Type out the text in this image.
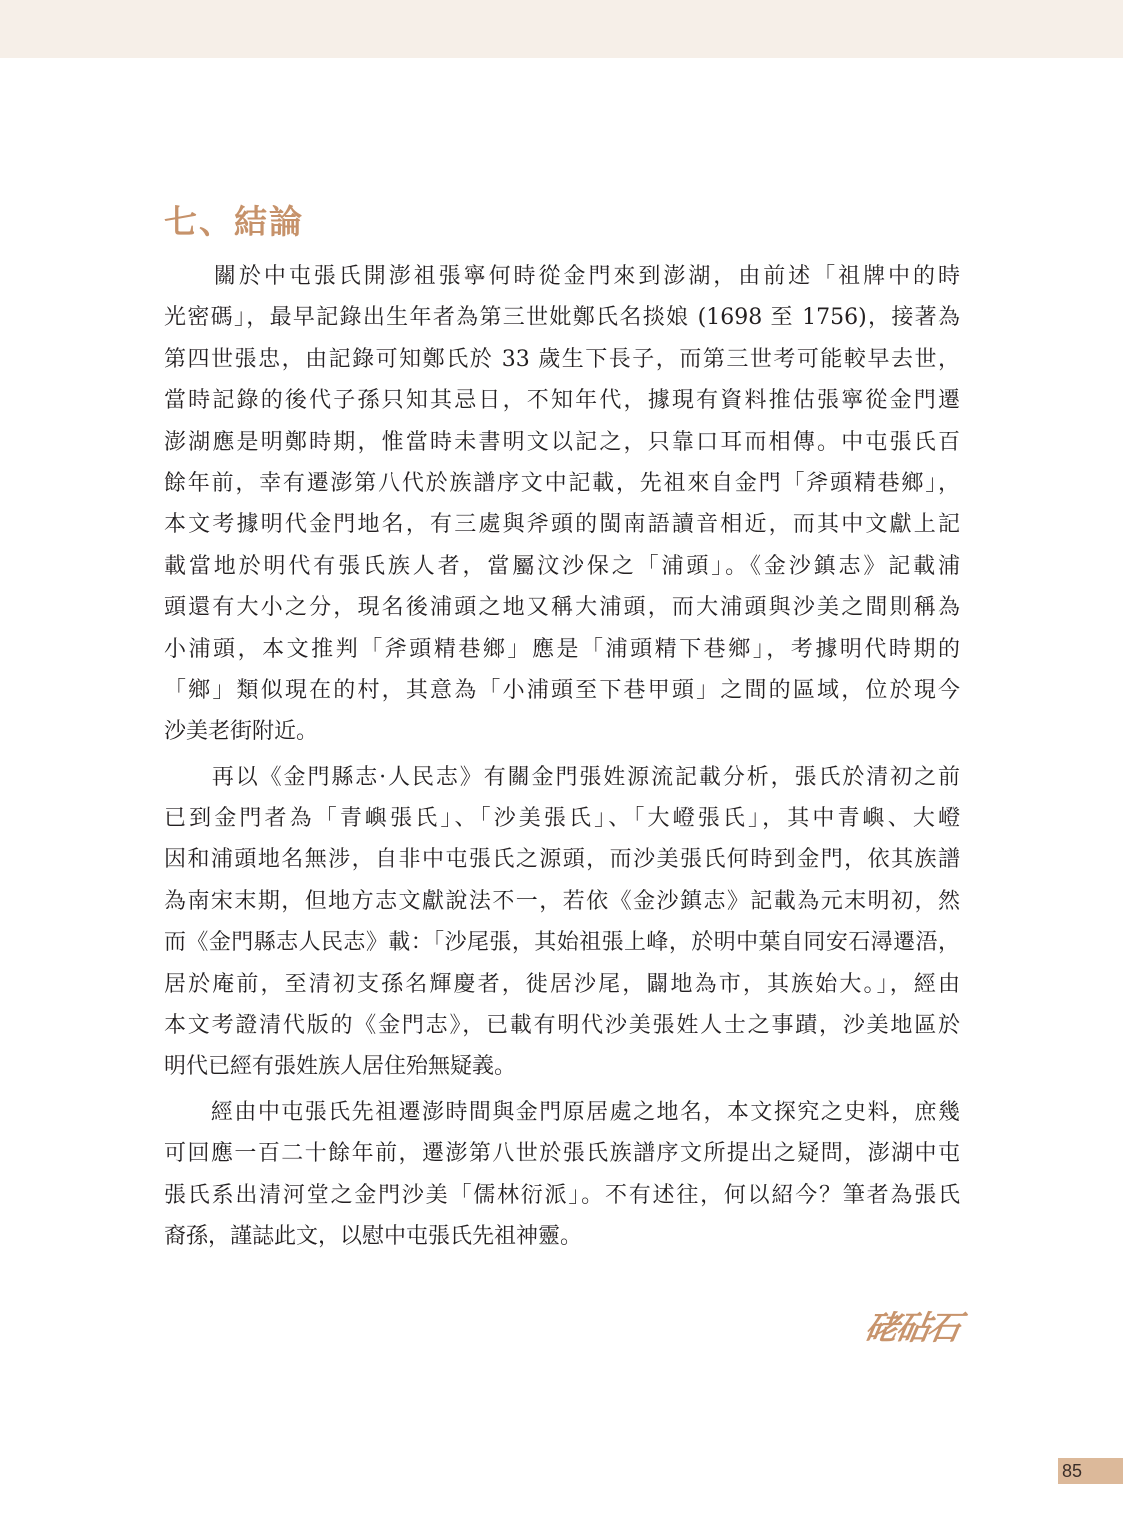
七、結論
　　關於中屯張氏開澎祖張寧何時從金門來到澎湖，由前述「祖牌中的時
光密碼」，最早記錄出生年者為第三世妣鄭氏名掞娘 (1698 至 1756)，接著為
第四世張忠，由記錄可知鄭氏於 33 歲生下長子，而第三世考可能較早去世，
當時記錄的後代子孫只知其忌日，不知年代，據現有資料推估張寧從金門遷
澎湖應是明鄭時期，惟當時未書明文以記之，只靠口耳而相傳。中屯張氏百
餘年前，幸有遷澎第八代於族譜序文中記載，先祖來自金門「斧頭精巷鄉」，
本文考據明代金門地名，有三處與斧頭的閩南語讀音相近，而其中文獻上記
載當地於明代有張氏族人者，當屬汶沙保之「浦頭」。《金沙鎮志》記載浦
頭還有大小之分，現名後浦頭之地又稱大浦頭，而大浦頭與沙美之間則稱為
小浦頭，本文推判「斧頭精巷鄉」應是「浦頭精下巷鄉」，考據明代時期的
「鄉」類似現在的村，其意為「小浦頭至下巷甲頭」之間的區域，位於現今
沙美老街附近。
　　再以《金門縣志·人民志》有關金門張姓源流記載分析，張氏於清初之前
已到金門者為「青嶼張氏」、「沙美張氏」、「大嶝張氏」，其中青嶼、大嶝
因和浦頭地名無涉，自非中屯張氏之源頭，而沙美張氏何時到金門，依其族譜
為南宋末期，但地方志文獻說法不一，若依《金沙鎮志》記載為元末明初，然
而《金門縣志人民志》載：「沙尾張，其始祖張上峰，於明中葉自同安石潯遷浯，
居於庵前，至清初支孫名輝慶者，徙居沙尾，闢地為市，其族始大。」，經由
本文考證清代版的《金門志》，已載有明代沙美張姓人士之事蹟，沙美地區於
明代已經有張姓族人居住殆無疑義。
　　經由中屯張氏先祖遷澎時間與金門原居處之地名，本文探究之史料，庶幾
可回應一百二十餘年前，遷澎第八世於張氏族譜序文所提出之疑問，澎湖中屯
張氏系出清河堂之金門沙美「儒林衍派」。不有述往，何以紹今？筆者為張氏
裔孫，謹誌此文，以慰中屯張氏先祖神靈。
硓砧石
85
